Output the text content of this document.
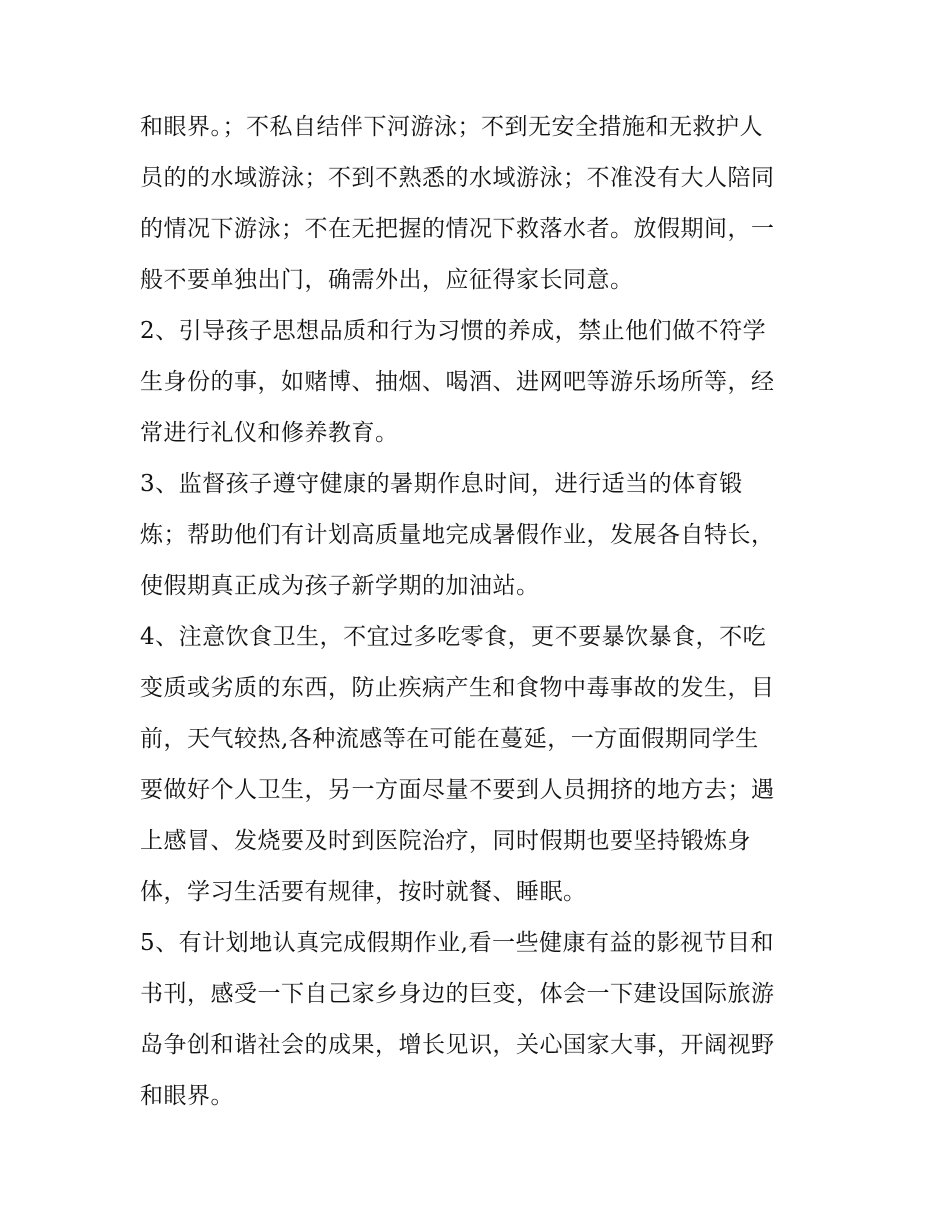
和眼界。；不私自结伴下河游泳；不到无安全措施和无救护人
员的的水域游泳；不到不熟悉的水域游泳；不准没有大人陪同
的情况下游泳；不在无把握的情况下救落水者。放假期间，一
般不要单独出门，确需外出，应征得家长同意。
2、引导孩子思想品质和行为习惯的养成，禁止他们做不符学
生身份的事，如赌博、抽烟、喝酒、进网吧等游乐场所等，经
常进行礼仪和修养教育。
3、监督孩子遵守健康的暑期作息时间，进行适当的体育锻
炼；帮助他们有计划高质量地完成暑假作业，发展各自特长，
使假期真正成为孩子新学期的加油站。
4、注意饮食卫生，不宜过多吃零食，更不要暴饮暴食，不吃
变质或劣质的东西，防止疾病产生和食物中毒事故的发生，目
前，天气较热,各种流感等在可能在蔓延，一方面假期同学生
要做好个人卫生，另一方面尽量不要到人员拥挤的地方去；遇
上感冒、发烧要及时到医院治疗，同时假期也要坚持锻炼身
体，学习生活要有规律，按时就餐、睡眠。
5、有计划地认真完成假期作业,看一些健康有益的影视节目和
书刊，感受一下自己家乡身边的巨变，体会一下建设国际旅游
岛争创和谐社会的成果，增长见识，关心国家大事，开阔视野
和眼界。
